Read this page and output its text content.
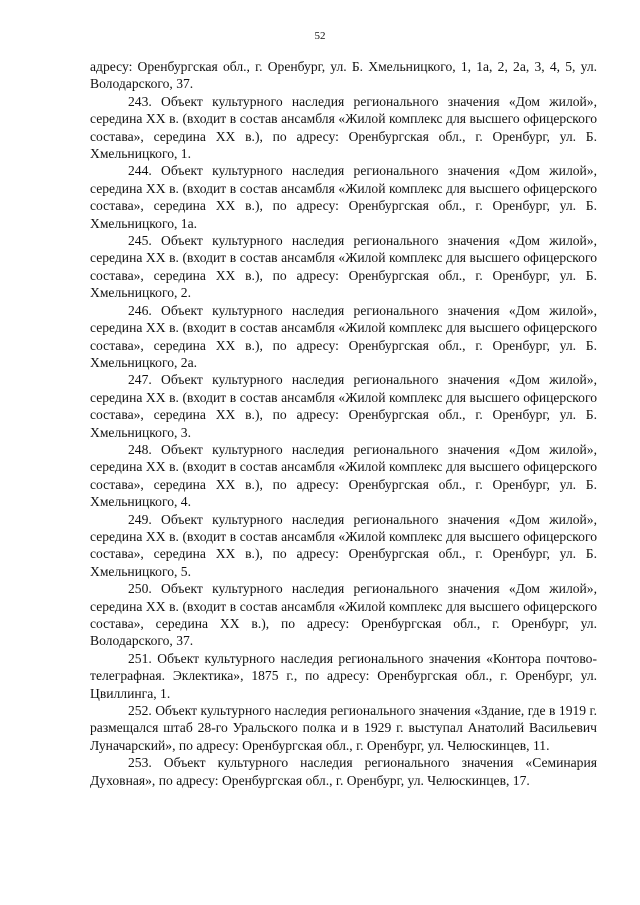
52

адресу: Оренбургская обл., г. Оренбург, ул. Б. Хмельницкого, 1, 1а, 2, 2а, 3, 4, 5, ул. Володарского, 37.

243. Объект культурного наследия регионального значения «Дом жилой», середина XX в. (входит в состав ансамбля «Жилой комплекс для высшего офицерского состава», середина XX в.), по адресу: Оренбургская обл., г. Оренбург, ул. Б. Хмельницкого, 1.

244. Объект культурного наследия регионального значения «Дом жилой», середина XX в. (входит в состав ансамбля «Жилой комплекс для высшего офицерского состава», середина XX в.), по адресу: Оренбургская обл., г. Оренбург, ул. Б. Хмельницкого, 1а.

245. Объект культурного наследия регионального значения «Дом жилой», середина XX в. (входит в состав ансамбля «Жилой комплекс для высшего офицерского состава», середина XX в.), по адресу: Оренбургская обл., г. Оренбург, ул. Б. Хмельницкого, 2.

246. Объект культурного наследия регионального значения «Дом жилой», середина XX в. (входит в состав ансамбля «Жилой комплекс для высшего офицерского состава», середина XX в.), по адресу: Оренбургская обл., г. Оренбург, ул. Б. Хмельницкого, 2а.

247. Объект культурного наследия регионального значения «Дом жилой», середина XX в. (входит в состав ансамбля «Жилой комплекс для высшего офицерского состава», середина XX в.), по адресу: Оренбургская обл., г. Оренбург, ул. Б. Хмельницкого, 3.

248. Объект культурного наследия регионального значения «Дом жилой», середина XX в. (входит в состав ансамбля «Жилой комплекс для высшего офицерского состава», середина XX в.), по адресу: Оренбургская обл., г. Оренбург, ул. Б. Хмельницкого, 4.

249. Объект культурного наследия регионального значения «Дом жилой», середина XX в. (входит в состав ансамбля «Жилой комплекс для высшего офицерского состава», середина XX в.), по адресу: Оренбургская обл., г. Оренбург, ул. Б. Хмельницкого, 5.

250. Объект культурного наследия регионального значения «Дом жилой», середина XX в. (входит в состав ансамбля «Жилой комплекс для высшего офицерского состава», середина XX в.), по адресу: Оренбургская обл., г. Оренбург, ул. Володарского, 37.

251. Объект культурного наследия регионального значения «Контора почтово-телеграфная. Эклектика», 1875 г., по адресу: Оренбургская обл., г. Оренбург, ул. Цвиллинга, 1.

252. Объект культурного наследия регионального значения «Здание, где в 1919 г. размещался штаб 28-го Уральского полка и в 1929 г. выступал Анатолий Васильевич Луначарский», по адресу: Оренбургская обл., г. Оренбург, ул. Челюскинцев, 11.

253. Объект культурного наследия регионального значения «Семинария Духовная», по адресу: Оренбургская обл., г. Оренбург, ул. Челюскинцев, 17.
